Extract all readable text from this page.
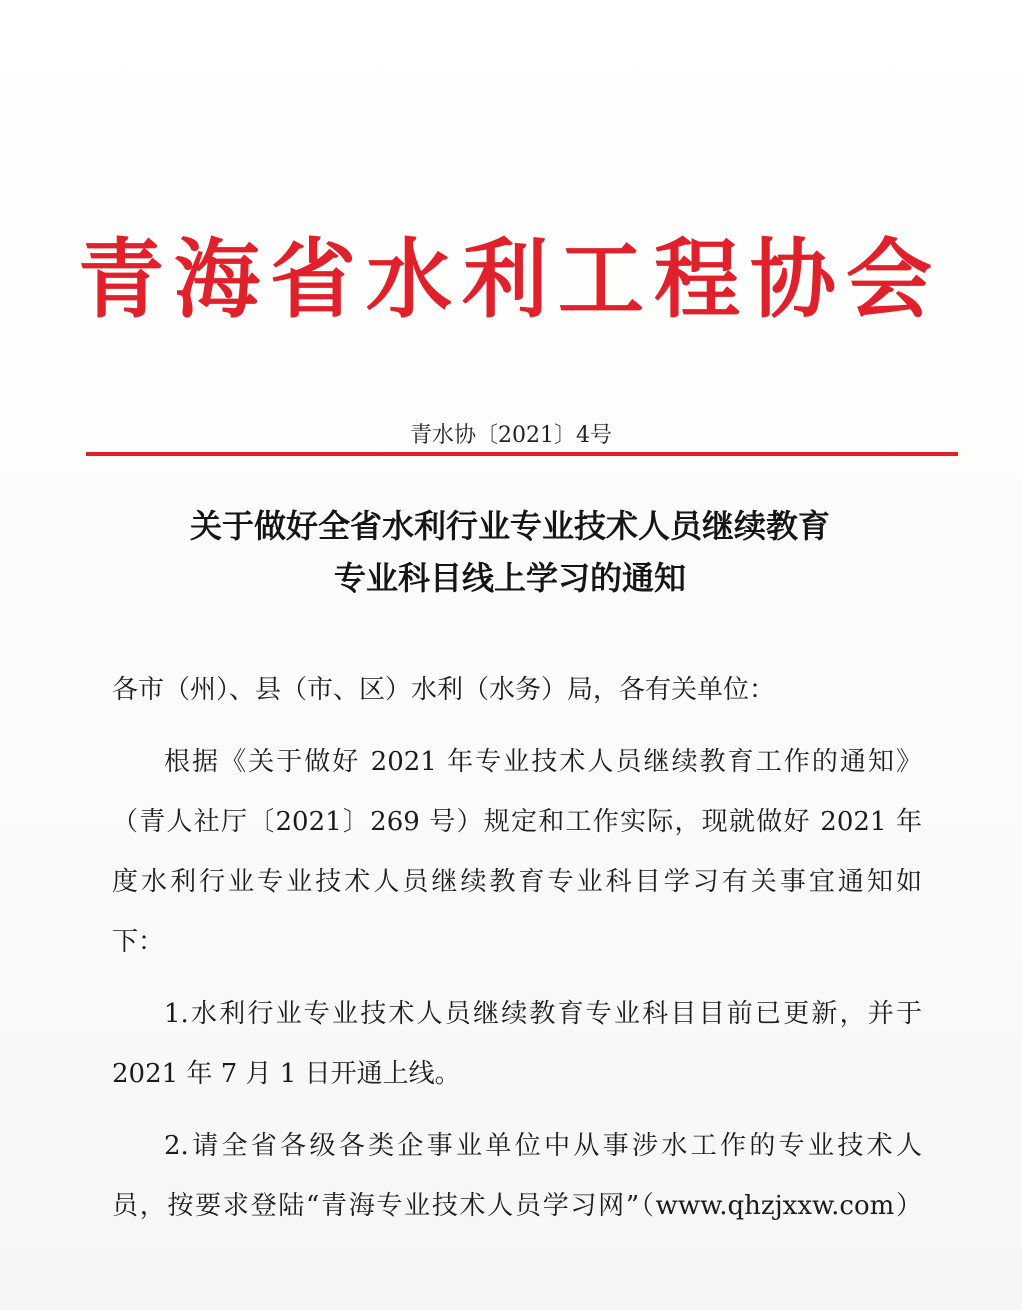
青海省水利工程协会
青水协〔2021〕4号
关于做好全省水利行业专业技术人员继续教育
专业科目线上学习的通知
各市（州）、县（市、区）水利（水务）局，各有关单位：
根据《关于做好 2021 年专业技术人员继续教育工作的通知》
（青人社厅〔2021〕269 号）规定和工作实际，现就做好 2021 年
度水利行业专业技术人员继续教育专业科目学习有关事宜通知如
下：
1.水利行业专业技术人员继续教育专业科目目前已更新，并于
2021 年 7 月 1 日开通上线。
2.请全省各级各类企事业单位中从事涉水工作的专业技术人
员，按要求登陆“青海专业技术人员学习网”（www.qhzjxxw.com）
